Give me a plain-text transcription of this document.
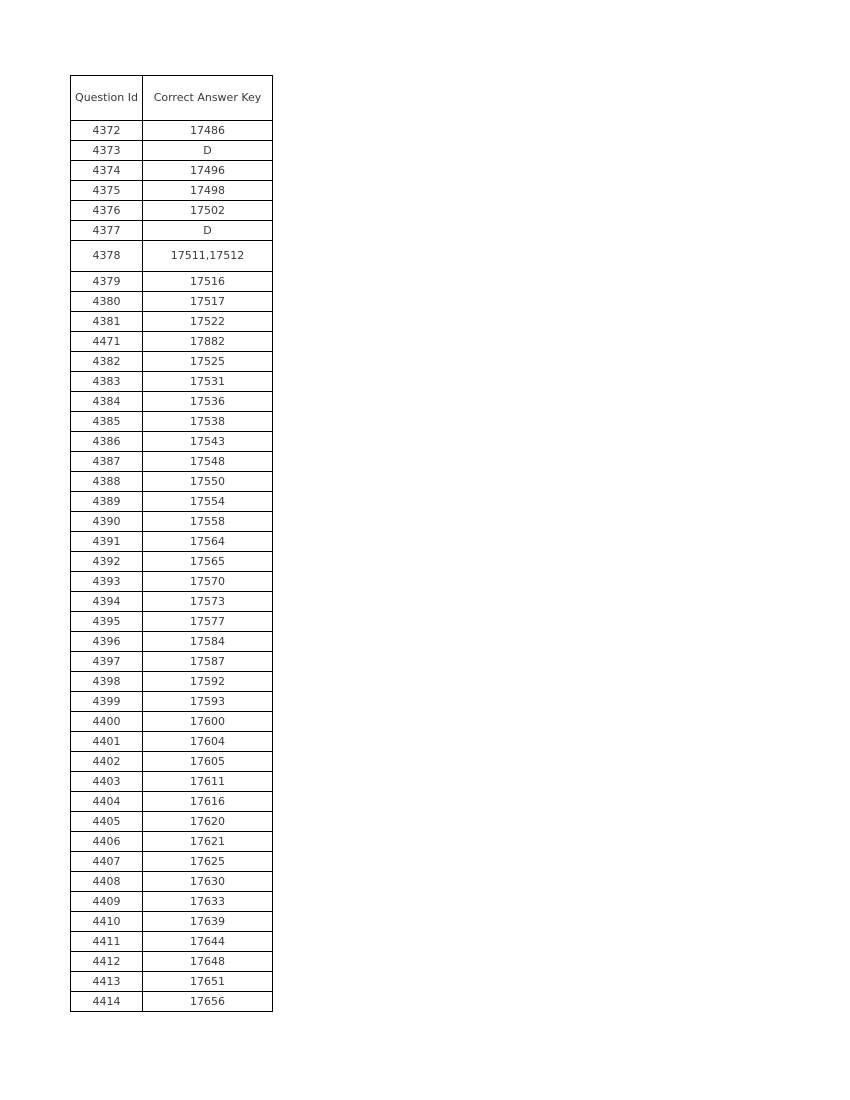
Question Id	Correct Answer Key
4372	17486
4373	D
4374	17496
4375	17498
4376	17502
4377	D
4378	17511,17512
4379	17516
4380	17517
4381	17522
4471	17882
4382	17525
4383	17531
4384	17536
4385	17538
4386	17543
4387	17548
4388	17550
4389	17554
4390	17558
4391	17564
4392	17565
4393	17570
4394	17573
4395	17577
4396	17584
4397	17587
4398	17592
4399	17593
4400	17600
4401	17604
4402	17605
4403	17611
4404	17616
4405	17620
4406	17621
4407	17625
4408	17630
4409	17633
4410	17639
4411	17644
4412	17648
4413	17651
4414	17656
